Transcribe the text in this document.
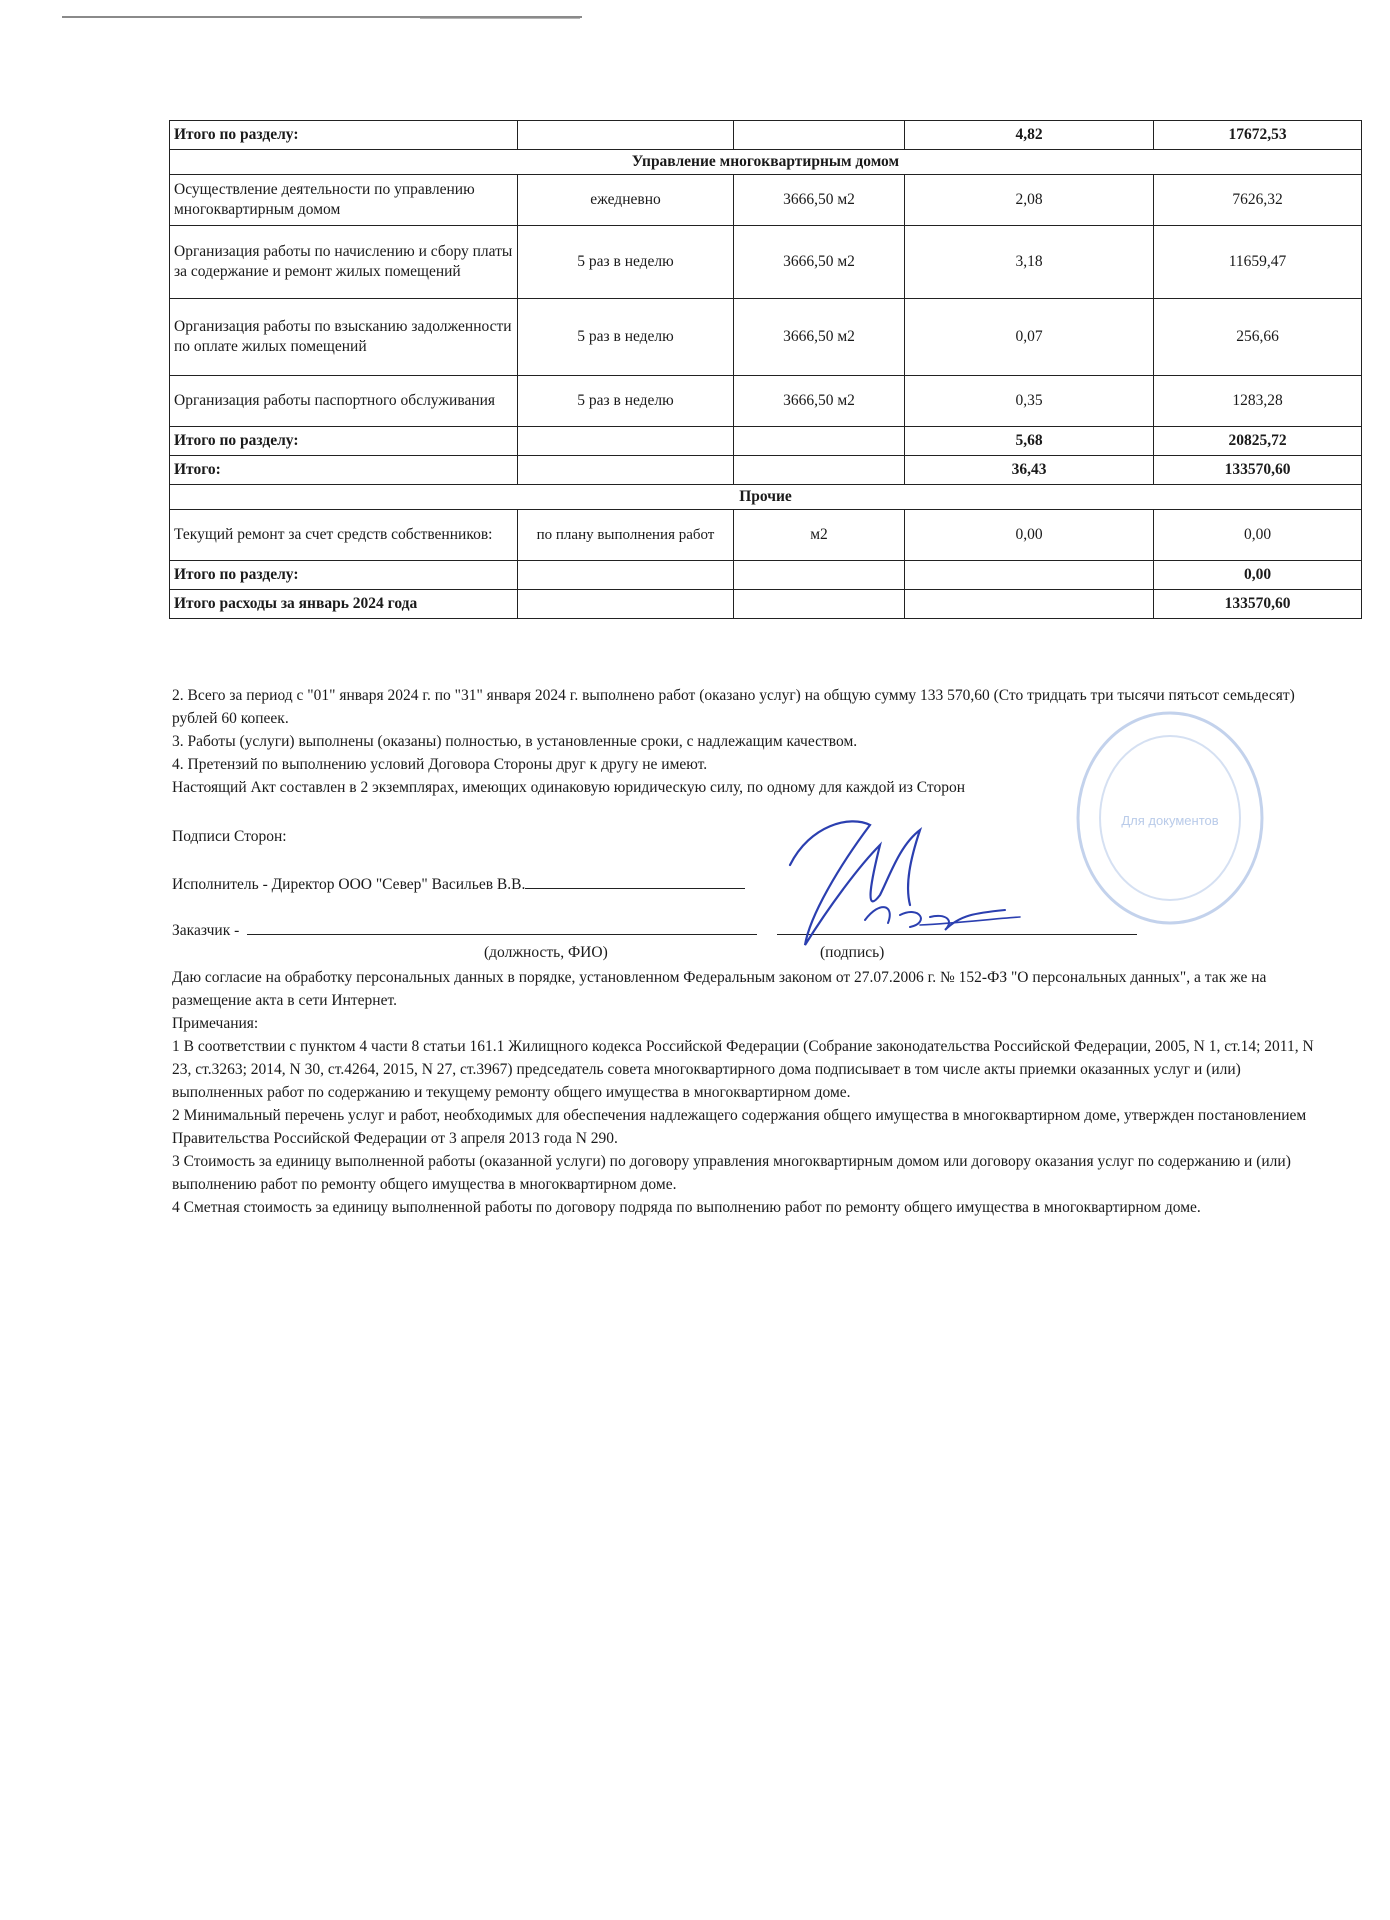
Итого по разделу:			4,82	17672,53
Управление многоквартирным домом				
Осуществление деятельности по управлению многоквартирным домом	ежедневно	3666,50 м2	2,08	7626,32
Организация работы по начислению и сбору платы за содержание и ремонт жилых помещений	5 раз в неделю	3666,50 м2	3,18	11659,47
Организация работы по взысканию задолженности по оплате жилых помещений	5 раз в неделю	3666,50 м2	0,07	256,66
Организация работы паспортного обслуживания	5 раз в неделю	3666,50 м2	0,35	1283,28
Итого по разделу:			5,68	20825,72
Итого:			36,43	133570,60
Прочие				
Текущий ремонт за счет средств собственников:	по плану выполнения работ	м2	0,00	0,00
Итого по разделу:				0,00
Итого расходы за январь 2024 года				133570,60

2. Всего за период с "01" января 2024 г. по "31" января 2024 г. выполнено работ (оказано услуг) на общую сумму 133 570,60 (Сто тридцать три тысячи пятьсот семьдесят) рублей 60 копеек.

3. Работы (услуги) выполнены (оказаны) полностью, в установленные сроки, с надлежащим качеством.

4. Претензий по выполнению условий Договора Стороны друг к другу не имеют.

Настоящий Акт составлен в 2 экземплярах, имеющих одинаковую юридическую силу, по одному для каждой из Сторон

Подписи Сторон:
Исполнитель - Директор ООО "Север" Васильев В.В.
Заказчик -
(должность, ФИО)	(подпись)

Даю согласие на обработку персональных данных в порядке, установленном Федеральным законом от 27.07.2006 г. № 152-ФЗ "О персональных данных", а так же на размещение акта в сети Интернет.

Примечания:

1 В соответствии с пунктом 4 части 8 статьи 161.1 Жилищного кодекса Российской Федерации (Собрание законодательства Российской Федерации, 2005, N 1, ст.14; 2011, N 23, ст.3263; 2014, N 30, ст.4264, 2015, N 27, ст.3967) председатель совета многоквартирного дома подписывает в том числе акты приемки оказанных услуг и (или) выполненных работ по содержанию и текущему ремонту общего имущества в многоквартирном доме.

2 Минимальный перечень услуг и работ, необходимых для обеспечения надлежащего содержания общего имущества в многоквартирном доме, утвержден постановлением Правительства Российской Федерации от 3 апреля 2013 года N 290.

3 Стоимость за единицу выполненной работы (оказанной услуги) по договору управления многоквартирным домом или договору оказания услуг по содержанию и (или) выполнению работ по ремонту общего имущества в многоквартирном доме.

4 Сметная стоимость за единицу выполненной работы по договору подряда по выполнению работ по ремонту общего имущества в многоквартирном доме.

Для документов
